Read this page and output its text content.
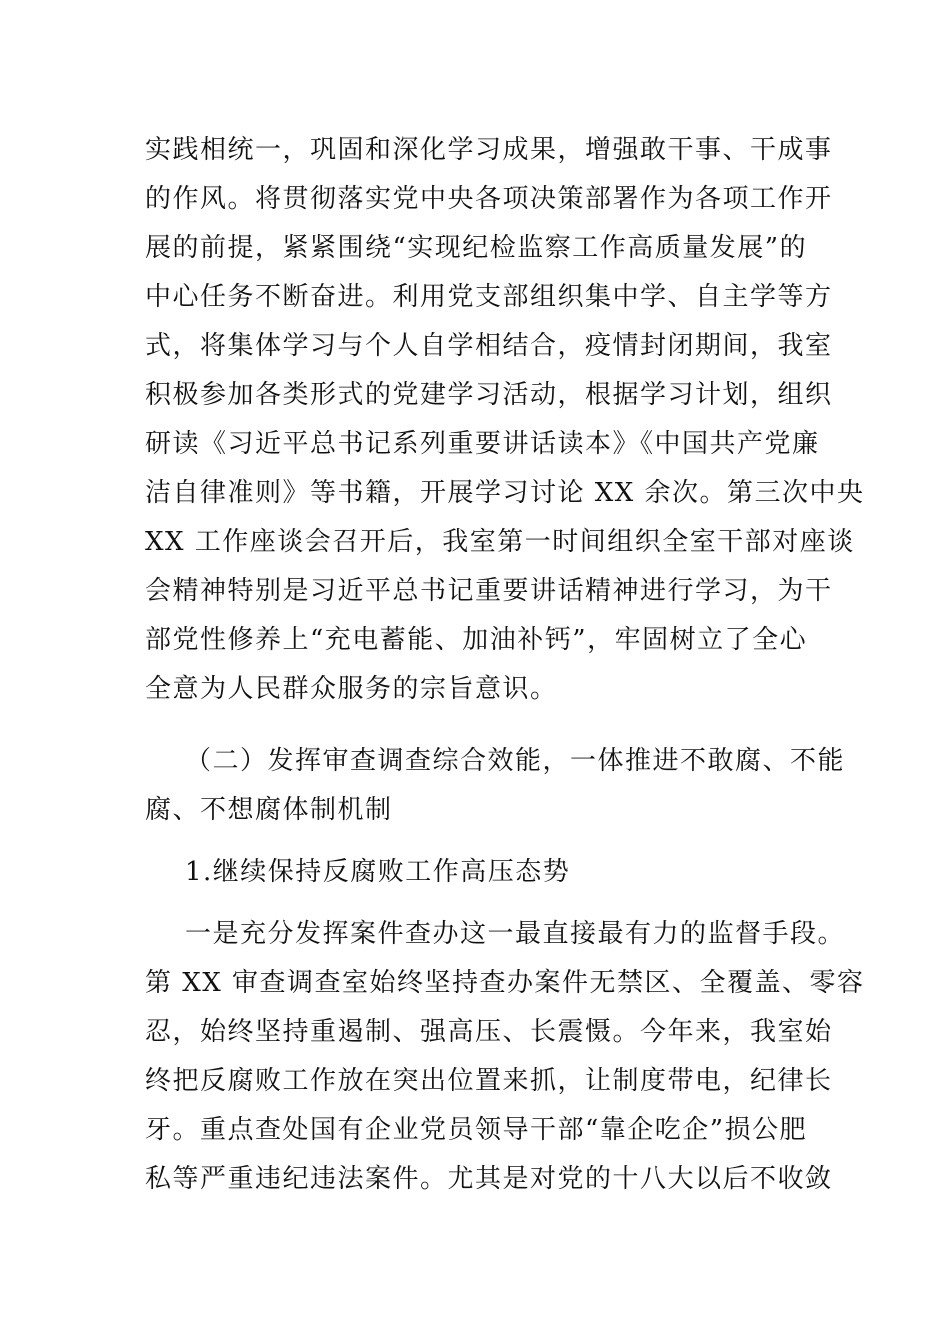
实践相统一，巩固和深化学习成果，增强敢干事、干成事
的作风。将贯彻落实党中央各项决策部署作为各项工作开
展的前提，紧紧围绕“实现纪检监察工作高质量发展”的
中心任务不断奋进。利用党支部组织集中学、自主学等方
式，将集体学习与个人自学相结合，疫情封闭期间，我室
积极参加各类形式的党建学习活动，根据学习计划，组织
研读《习近平总书记系列重要讲话读本》《中国共产党廉
洁自律准则》等书籍，开展学习讨论 XX 余次。第三次中央
XX 工作座谈会召开后，我室第一时间组织全室干部对座谈
会精神特别是习近平总书记重要讲话精神进行学习，为干
部党性修养上“充电蓄能、加油补钙”，牢固树立了全心
全意为人民群众服务的宗旨意识。
（二）发挥审查调查综合效能，一体推进不敢腐、不能
腐、不想腐体制机制
1.继续保持反腐败工作高压态势
一是充分发挥案件查办这一最直接最有力的监督手段。
第 XX 审查调查室始终坚持查办案件无禁区、全覆盖、零容
忍，始终坚持重遏制、强高压、长震慑。今年来，我室始
终把反腐败工作放在突出位置来抓，让制度带电，纪律长
牙。重点查处国有企业党员领导干部“靠企吃企”损公肥
私等严重违纪违法案件。尤其是对党的十八大以后不收敛
